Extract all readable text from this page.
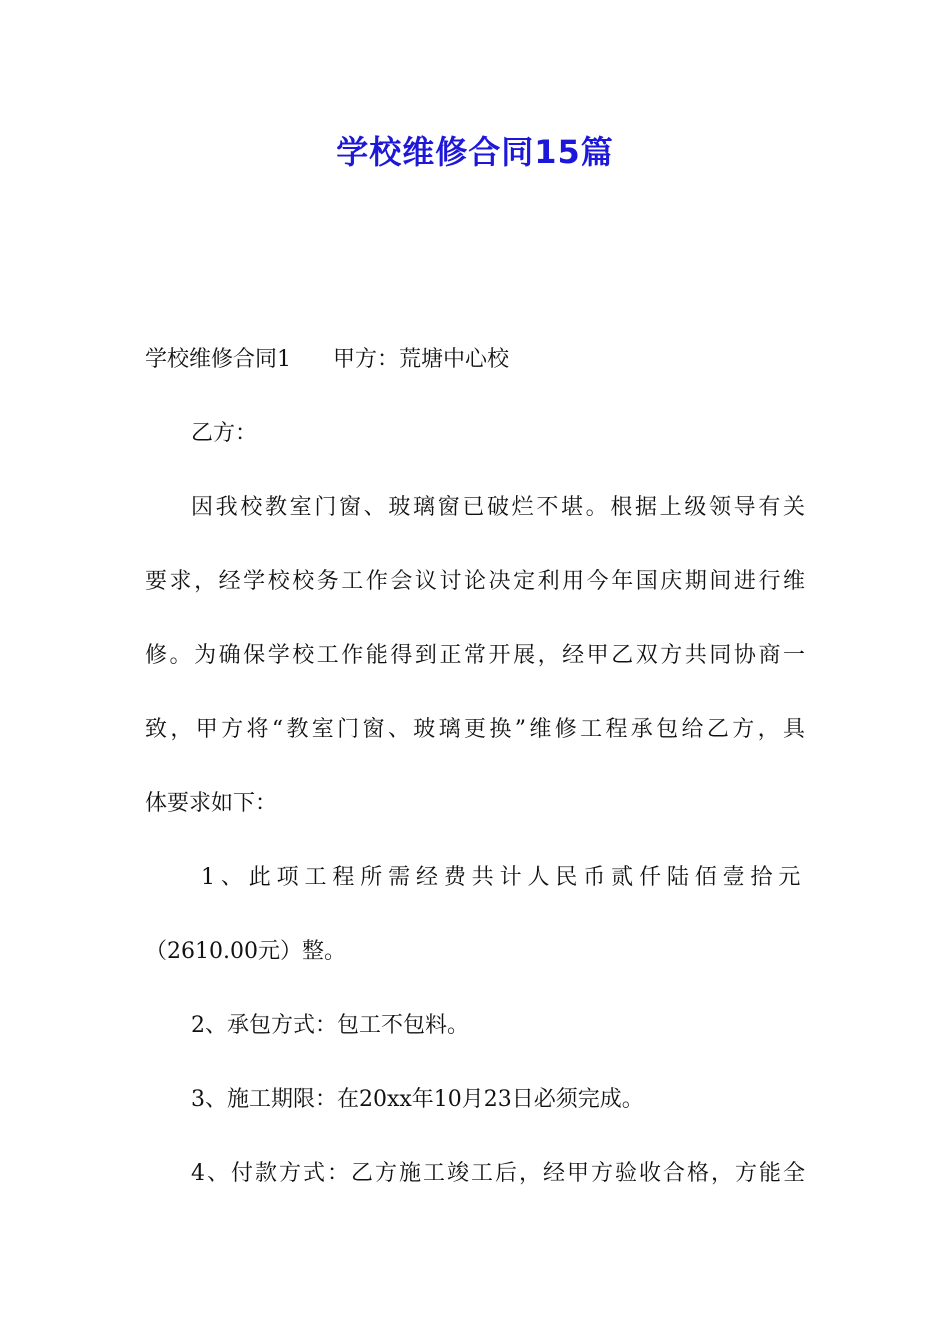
学校维修合同15篇
学校维修合同1 甲方：荒塘中心校
乙方：
因我校教室门窗、玻璃窗已破烂不堪。根据上级领导有关
要求，经学校校务工作会议讨论决定利用今年国庆期间进行维
修。为确保学校工作能得到正常开展，经甲乙双方共同协商一
致，甲方将“教室门窗、玻璃更换”维修工程承包给乙方，具
体要求如下：
1、此项工程所需经费共计人民币贰仟陆佰壹拾元
（2610.00元）整。
2、承包方式：包工不包料。
3、施工期限：在20xx年10月23日必须完成。
4、付款方式：乙方施工竣工后，经甲方验收合格，方能全
